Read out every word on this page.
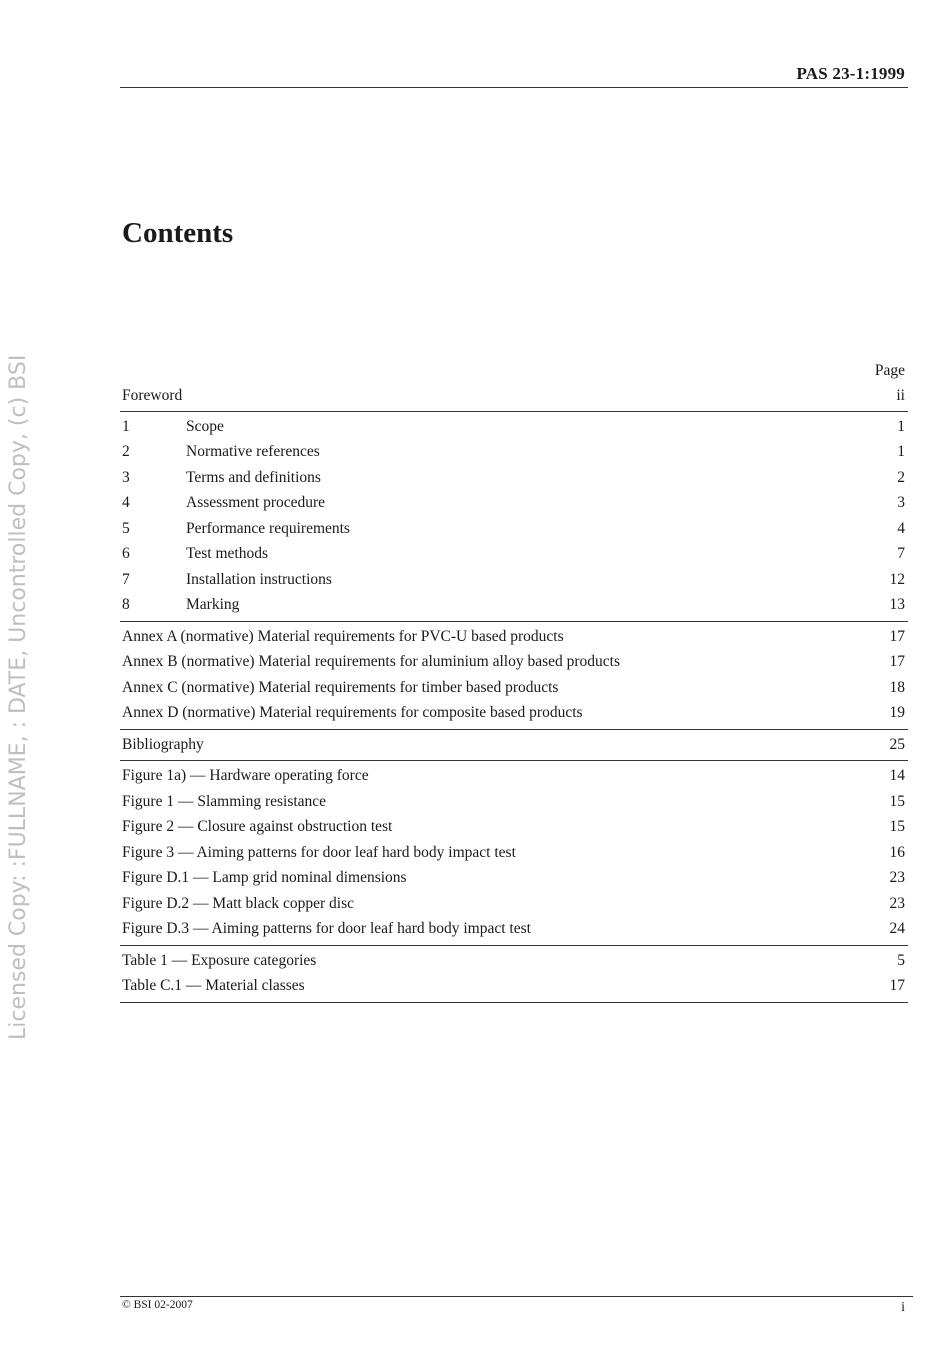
PAS 23-1:1999
Licensed Copy: :FULLNAME, : DATE, Uncontrolled Copy, (c) BSI
Contents
Page
Foreword	ii
1	Scope	1
2	Normative references	1
3	Terms and definitions	2
4	Assessment procedure	3
5	Performance requirements	4
6	Test methods	7
7	Installation instructions	12
8	Marking	13
Annex A (normative) Material requirements for PVC-U based products	17
Annex B (normative) Material requirements for aluminium alloy based products	17
Annex C (normative) Material requirements for timber based products	18
Annex D (normative) Material requirements for composite based products	19
Bibliography	25
Figure 1a) — Hardware operating force	14
Figure 1 — Slamming resistance	15
Figure 2 — Closure against obstruction test	15
Figure 3 — Aiming patterns for door leaf hard body impact test	16
Figure D.1 — Lamp grid nominal dimensions	23
Figure D.2 — Matt black copper disc	23
Figure D.3 — Aiming patterns for door leaf hard body impact test	24
Table 1 — Exposure categories	5
Table C.1 — Material classes	17
© BSI 02-2007	i
